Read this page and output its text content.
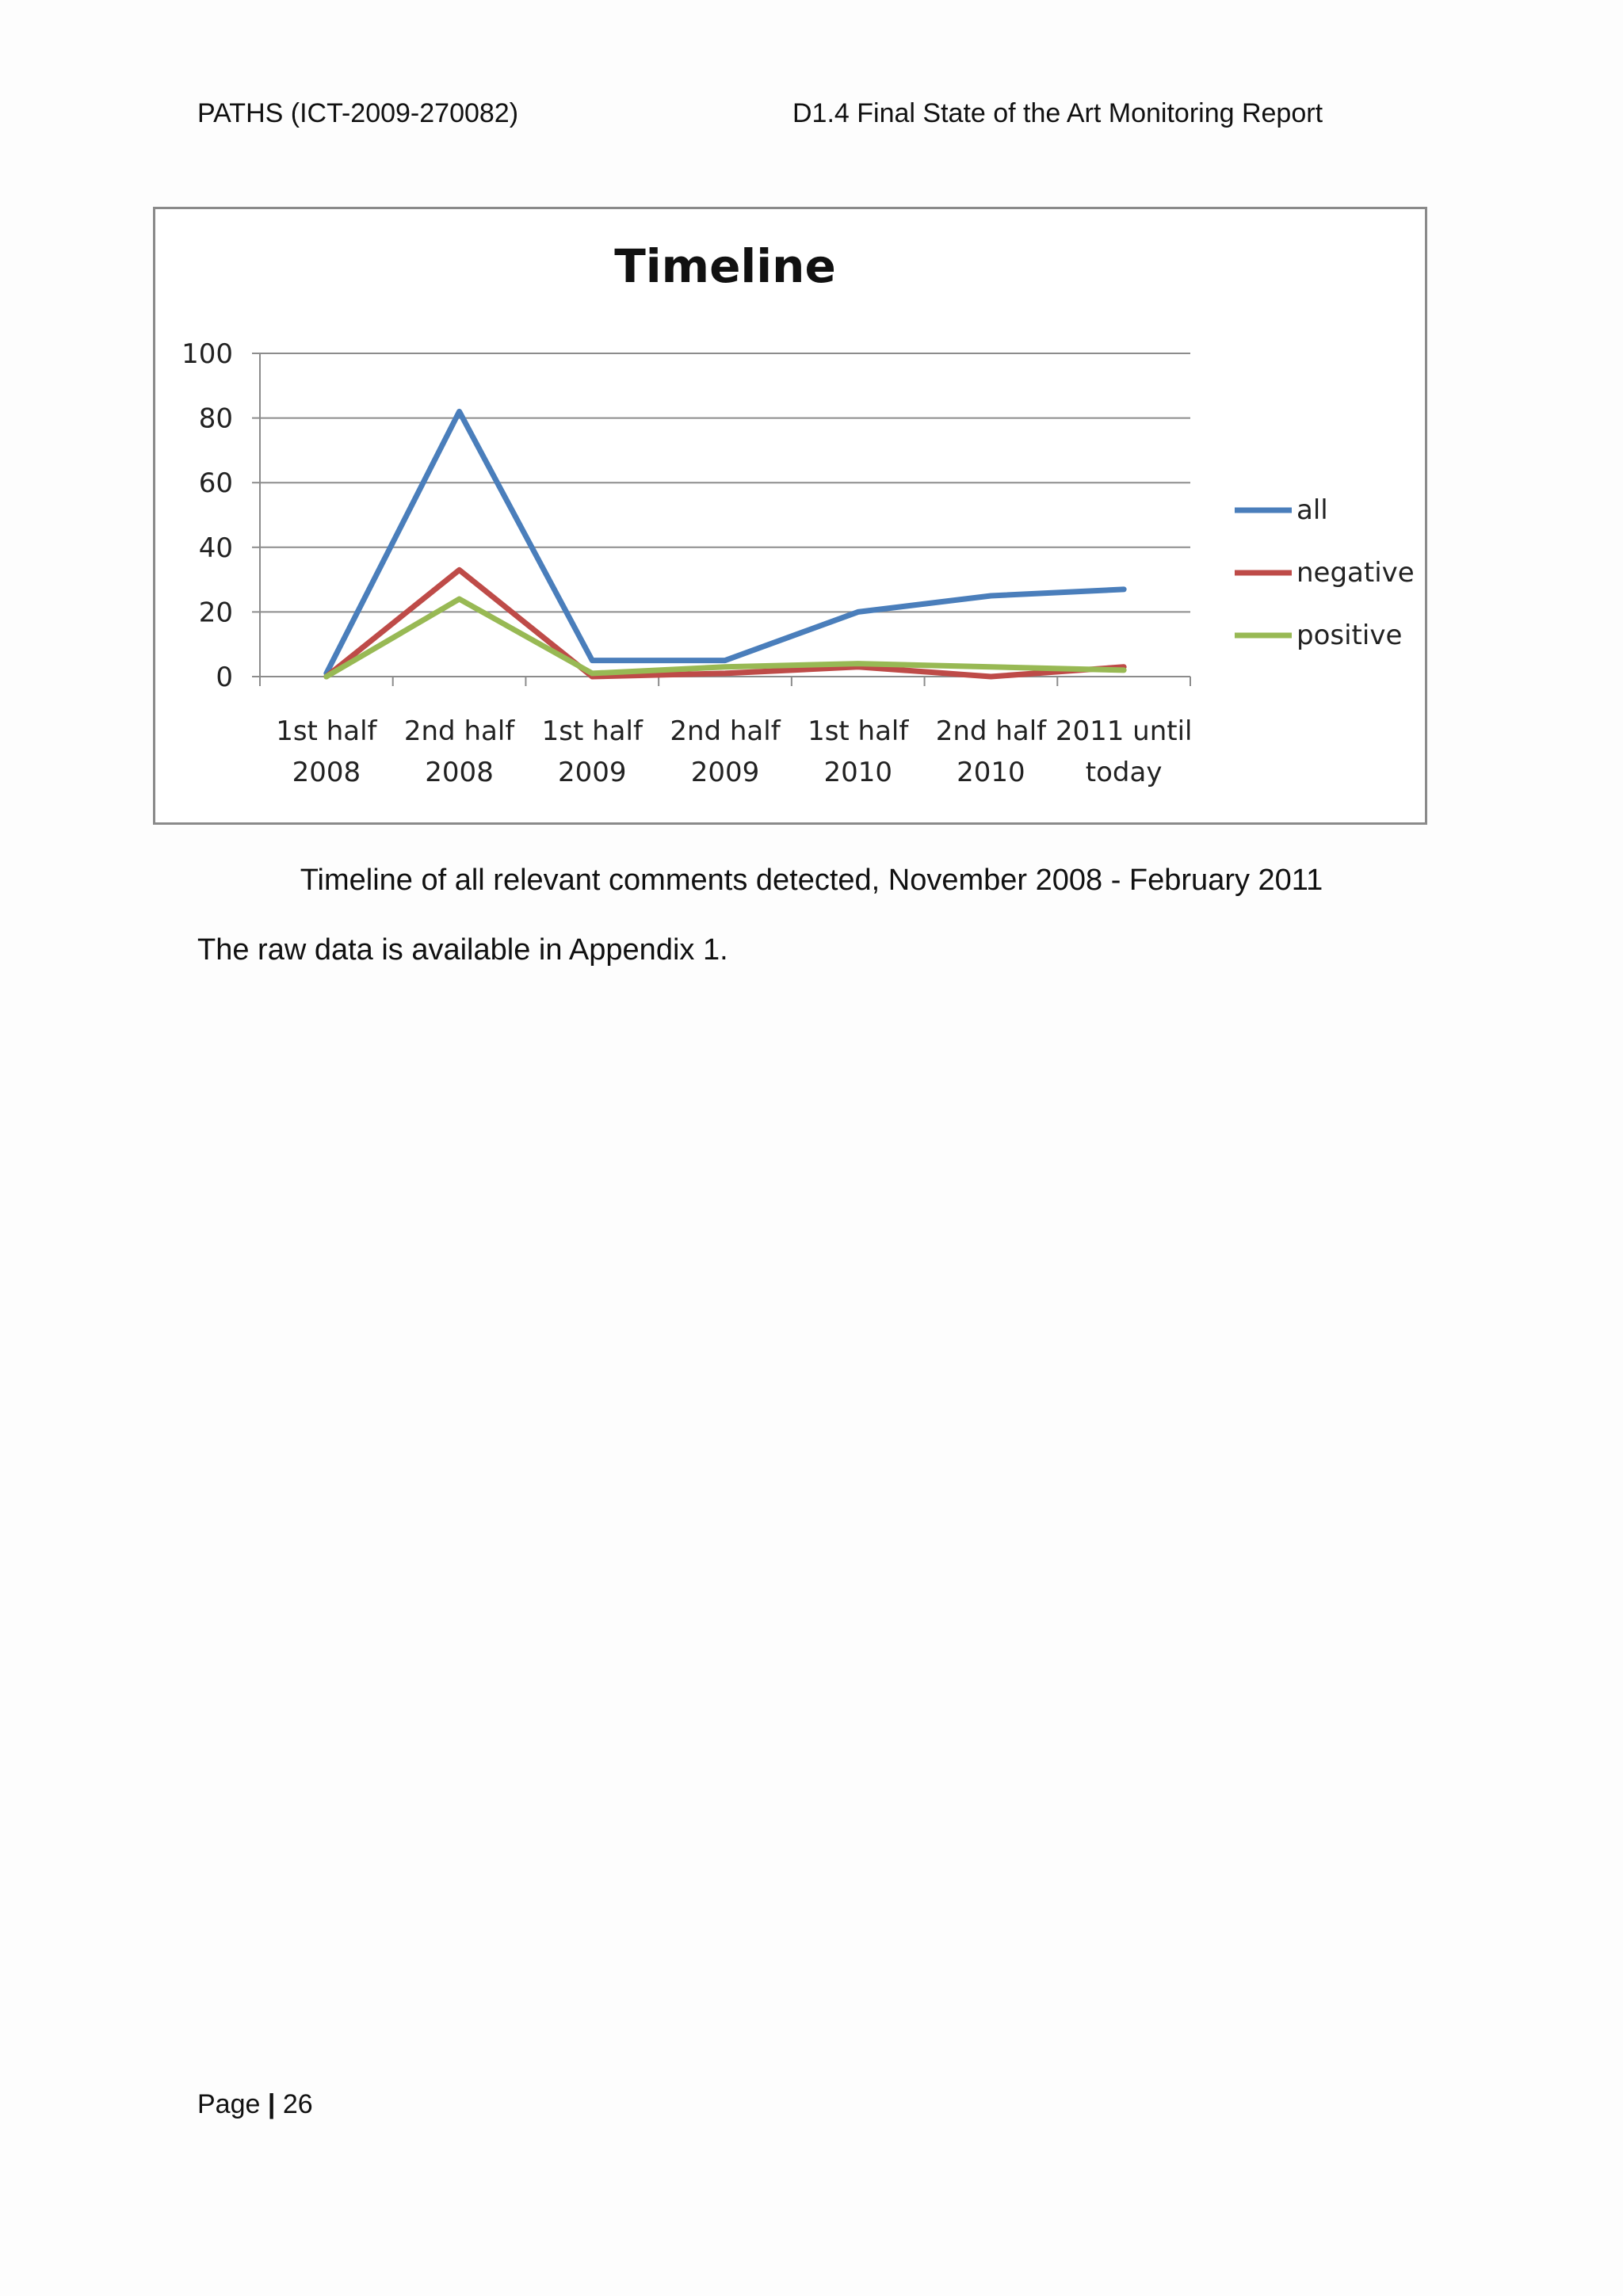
PATHS (ICT-2009-270082)	D1.4 Final State of the Art Monitoring Report
Timeline
0
20
40
60
80
100
1st half
2008
2nd half
2008
1st half
2009
2nd half
2009
1st half
2010
2nd half
2010
2011 until
today
all
negative
positive
Timeline of all relevant comments detected, November 2008 - February 2011
The raw data is available in Appendix 1.
Page | 26
